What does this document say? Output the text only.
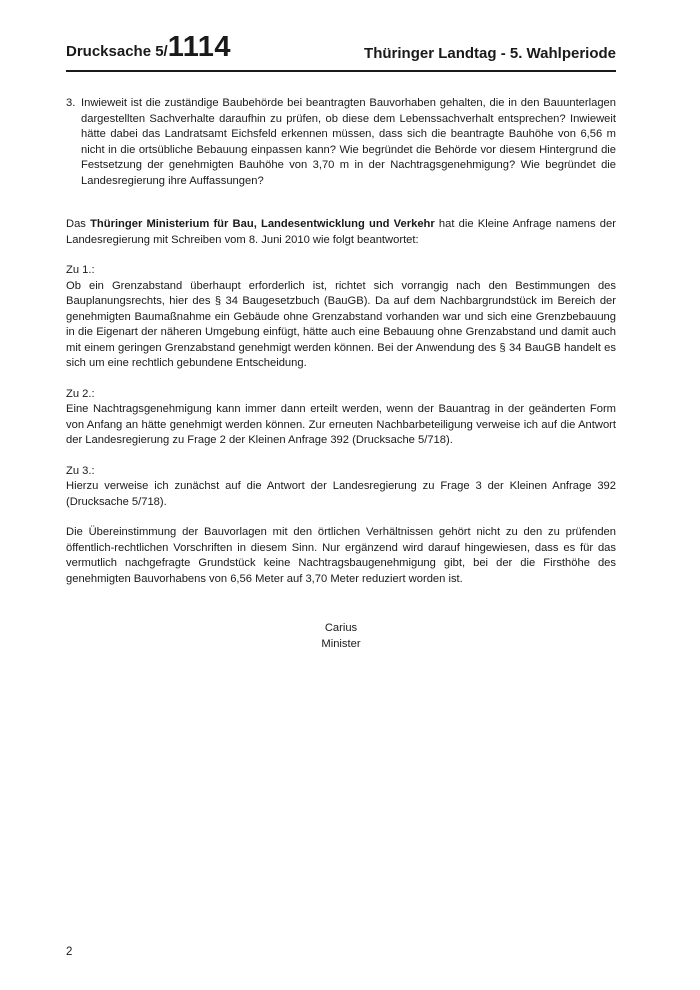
Drucksache 5/1114	Thüringer Landtag - 5. Wahlperiode
3. Inwieweit ist die zuständige Baubehörde bei beantragten Bauvorhaben gehalten, die in den Bauunterlagen dargestellten Sachverhalte daraufhin zu prüfen, ob diese dem Lebenssachverhalt entsprechen? Inwieweit hätte dabei das Landratsamt Eichsfeld erkennen müssen, dass sich die beantragte Bauhöhe von 6,56 m nicht in die ortsübliche Bebauung einpassen kann? Wie begründet die Behörde vor diesem Hintergrund die Festsetzung der genehmigten Bauhöhe von 3,70 m in der Nachtragsgenehmigung? Wie begründet die Landesregierung ihre Auffassungen?

Das Thüringer Ministerium für Bau, Landesentwicklung und Verkehr hat die Kleine Anfrage namens der Landesregierung mit Schreiben vom 8. Juni 2010 wie folgt beantwortet:

Zu 1.:

Ob ein Grenzabstand überhaupt erforderlich ist, richtet sich vorrangig nach den Bestimmungen des Bauplanungsrechts, hier des § 34 Baugesetzbuch (BauGB). Da auf dem Nachbargrundstück im Bereich der genehmigten Baumaßnahme ein Gebäude ohne Grenzabstand vorhanden war und sich eine Grenzbebauung in die Eigenart der näheren Umgebung einfügt, hätte auch eine Bebauung ohne Grenzabstand und damit auch mit einem geringen Grenzabstand genehmigt werden können. Bei der Anwendung des § 34 BauGB handelt es sich um eine rechtlich gebundene Entscheidung.

Zu 2.:

Eine Nachtragsgenehmigung kann immer dann erteilt werden, wenn der Bauantrag in der geänderten Form von Anfang an hätte genehmigt werden können. Zur erneuten Nachbarbeteiligung verweise ich auf die Antwort der Landesregierung zu Frage 2 der Kleinen Anfrage 392 (Drucksache 5/718).

Zu 3.:

Hierzu verweise ich zunächst auf die Antwort der Landesregierung zu Frage 3 der Kleinen Anfrage 392 (Drucksache 5/718).

Die Übereinstimmung der Bauvorlagen mit den örtlichen Verhältnissen gehört nicht zu den zu prüfenden öffentlich-rechtlichen Vorschriften in diesem Sinn. Nur ergänzend wird darauf hingewiesen, dass es für das vermutlich nachgefragte Grundstück keine Nachtragsbaugenehmigung gibt, bei der die Firsthöhe des genehmigten Bauvorhabens von 6,56 Meter auf 3,70 Meter reduziert worden ist.

Carius
Minister
2
